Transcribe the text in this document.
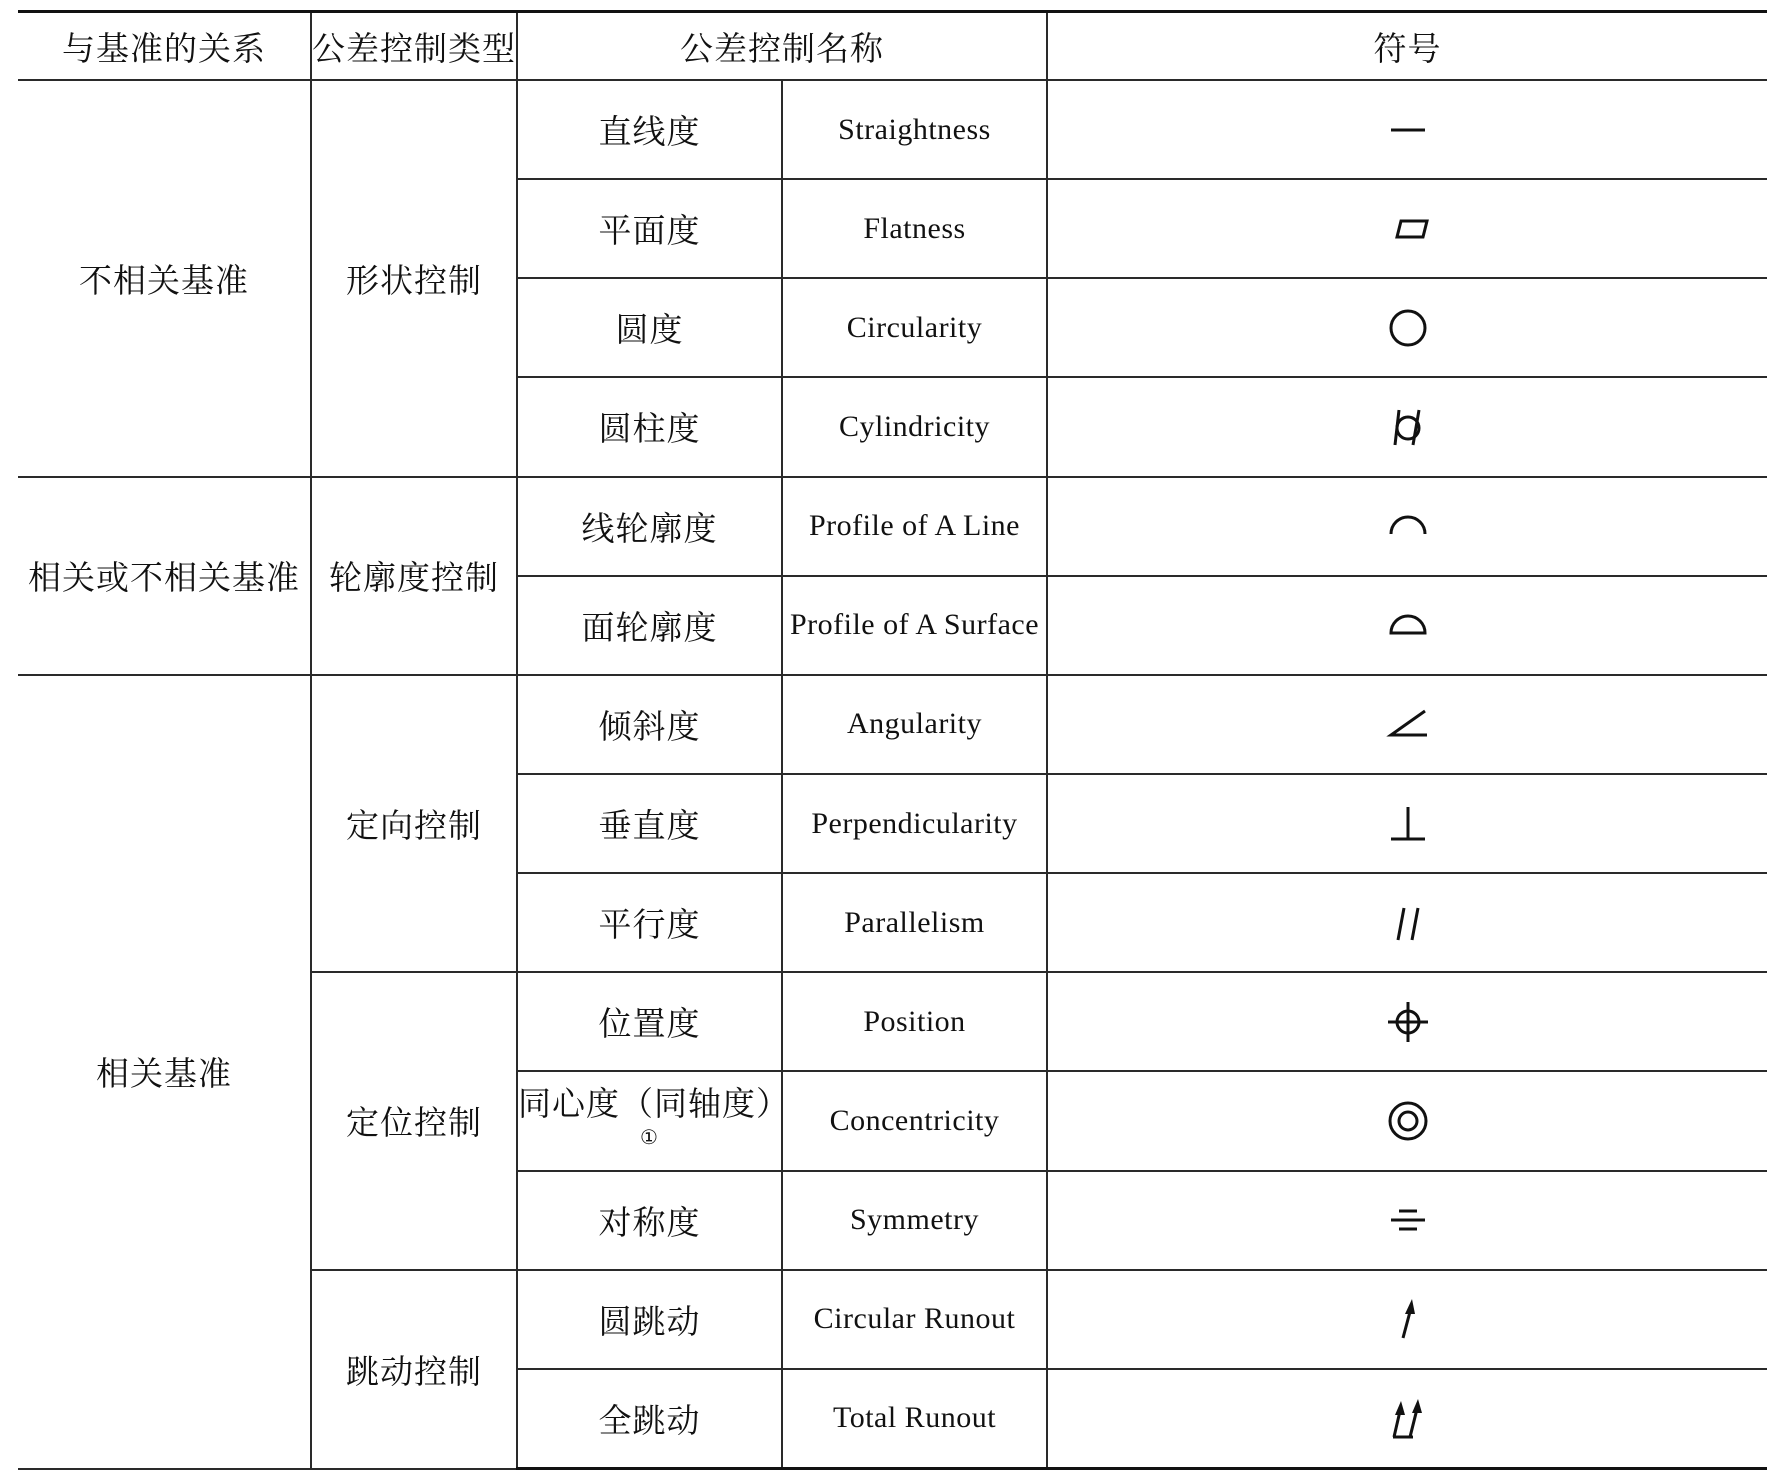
与基准的关系	公差控制类型	公差控制名称		符号
不相关基准	形状控制	直线度	Straightness	

		平面度	Flatness	

		圆度	Circularity	

		圆柱度	Cylindricity	

相关或不相关基准	轮廓度控制	线轮廓度	Profile of A Line	

		面轮廓度	Profile of A Surface	

相关基准	定向控制	倾斜度	Angularity	

		垂直度	Perpendicularity	

		平行度	Parallelism	

	定位控制	位置度	Position	

		同心度（同轴度）①	Concentricity	

		对称度	Symmetry	

	跳动控制	圆跳动	Circular Runout	

		全跳动	Total Runout	
